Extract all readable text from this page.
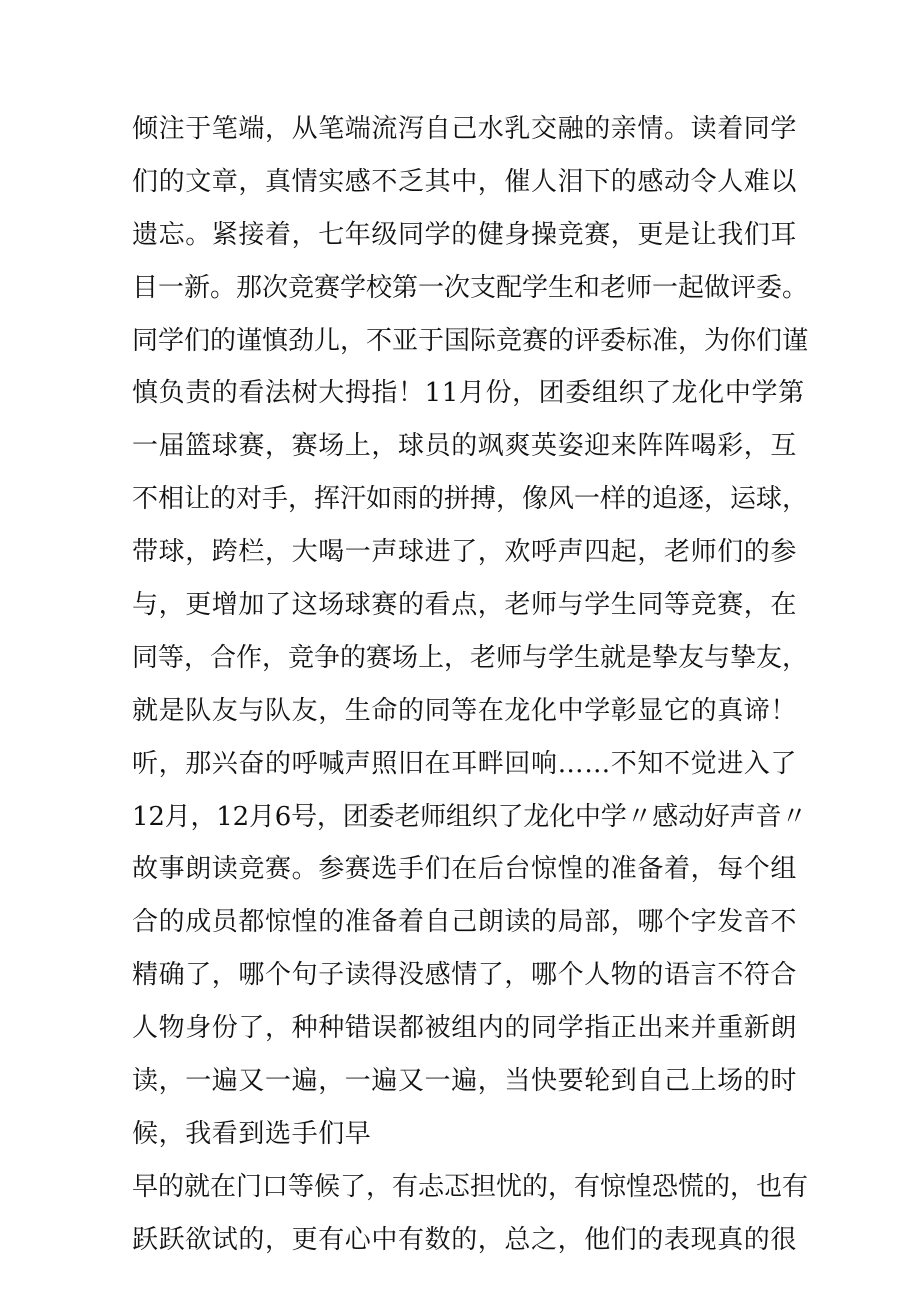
倾注于笔端，从笔端流泻自己水乳交融的亲情。读着同学
们的文章，真情实感不乏其中，催人泪下的感动令人难以
遗忘。紧接着，七年级同学的健身操竞赛，更是让我们耳
目一新。那次竞赛学校第一次支配学生和老师一起做评委。
同学们的谨慎劲儿，不亚于国际竞赛的评委标准，为你们谨
慎负责的看法树大拇指！11月份，团委组织了龙化中学第
一届篮球赛，赛场上，球员的飒爽英姿迎来阵阵喝彩，互
不相让的对手，挥汗如雨的拼搏，像风一样的追逐，运球，
带球，跨栏，大喝一声球进了，欢呼声四起，老师们的参
与，更增加了这场球赛的看点，老师与学生同等竞赛，在
同等，合作，竞争的赛场上，老师与学生就是挚友与挚友，
就是队友与队友，生命的同等在龙化中学彰显它的真谛！
听，那兴奋的呼喊声照旧在耳畔回响……不知不觉进入了
12月，12月6号，团委老师组织了龙化中学〃感动好声音〃
故事朗读竞赛。参赛选手们在后台惊惶的准备着，每个组
合的成员都惊惶的准备着自己朗读的局部，哪个字发音不
精确了，哪个句子读得没感情了，哪个人物的语言不符合
人物身份了，种种错误都被组内的同学指正出来并重新朗
读，一遍又一遍，一遍又一遍，当快要轮到自己上场的时
候，我看到选手们早
早的就在门口等候了，有忐忑担忧的，有惊惶恐慌的，也有
跃跃欲试的，更有心中有数的，总之，他们的表现真的很
